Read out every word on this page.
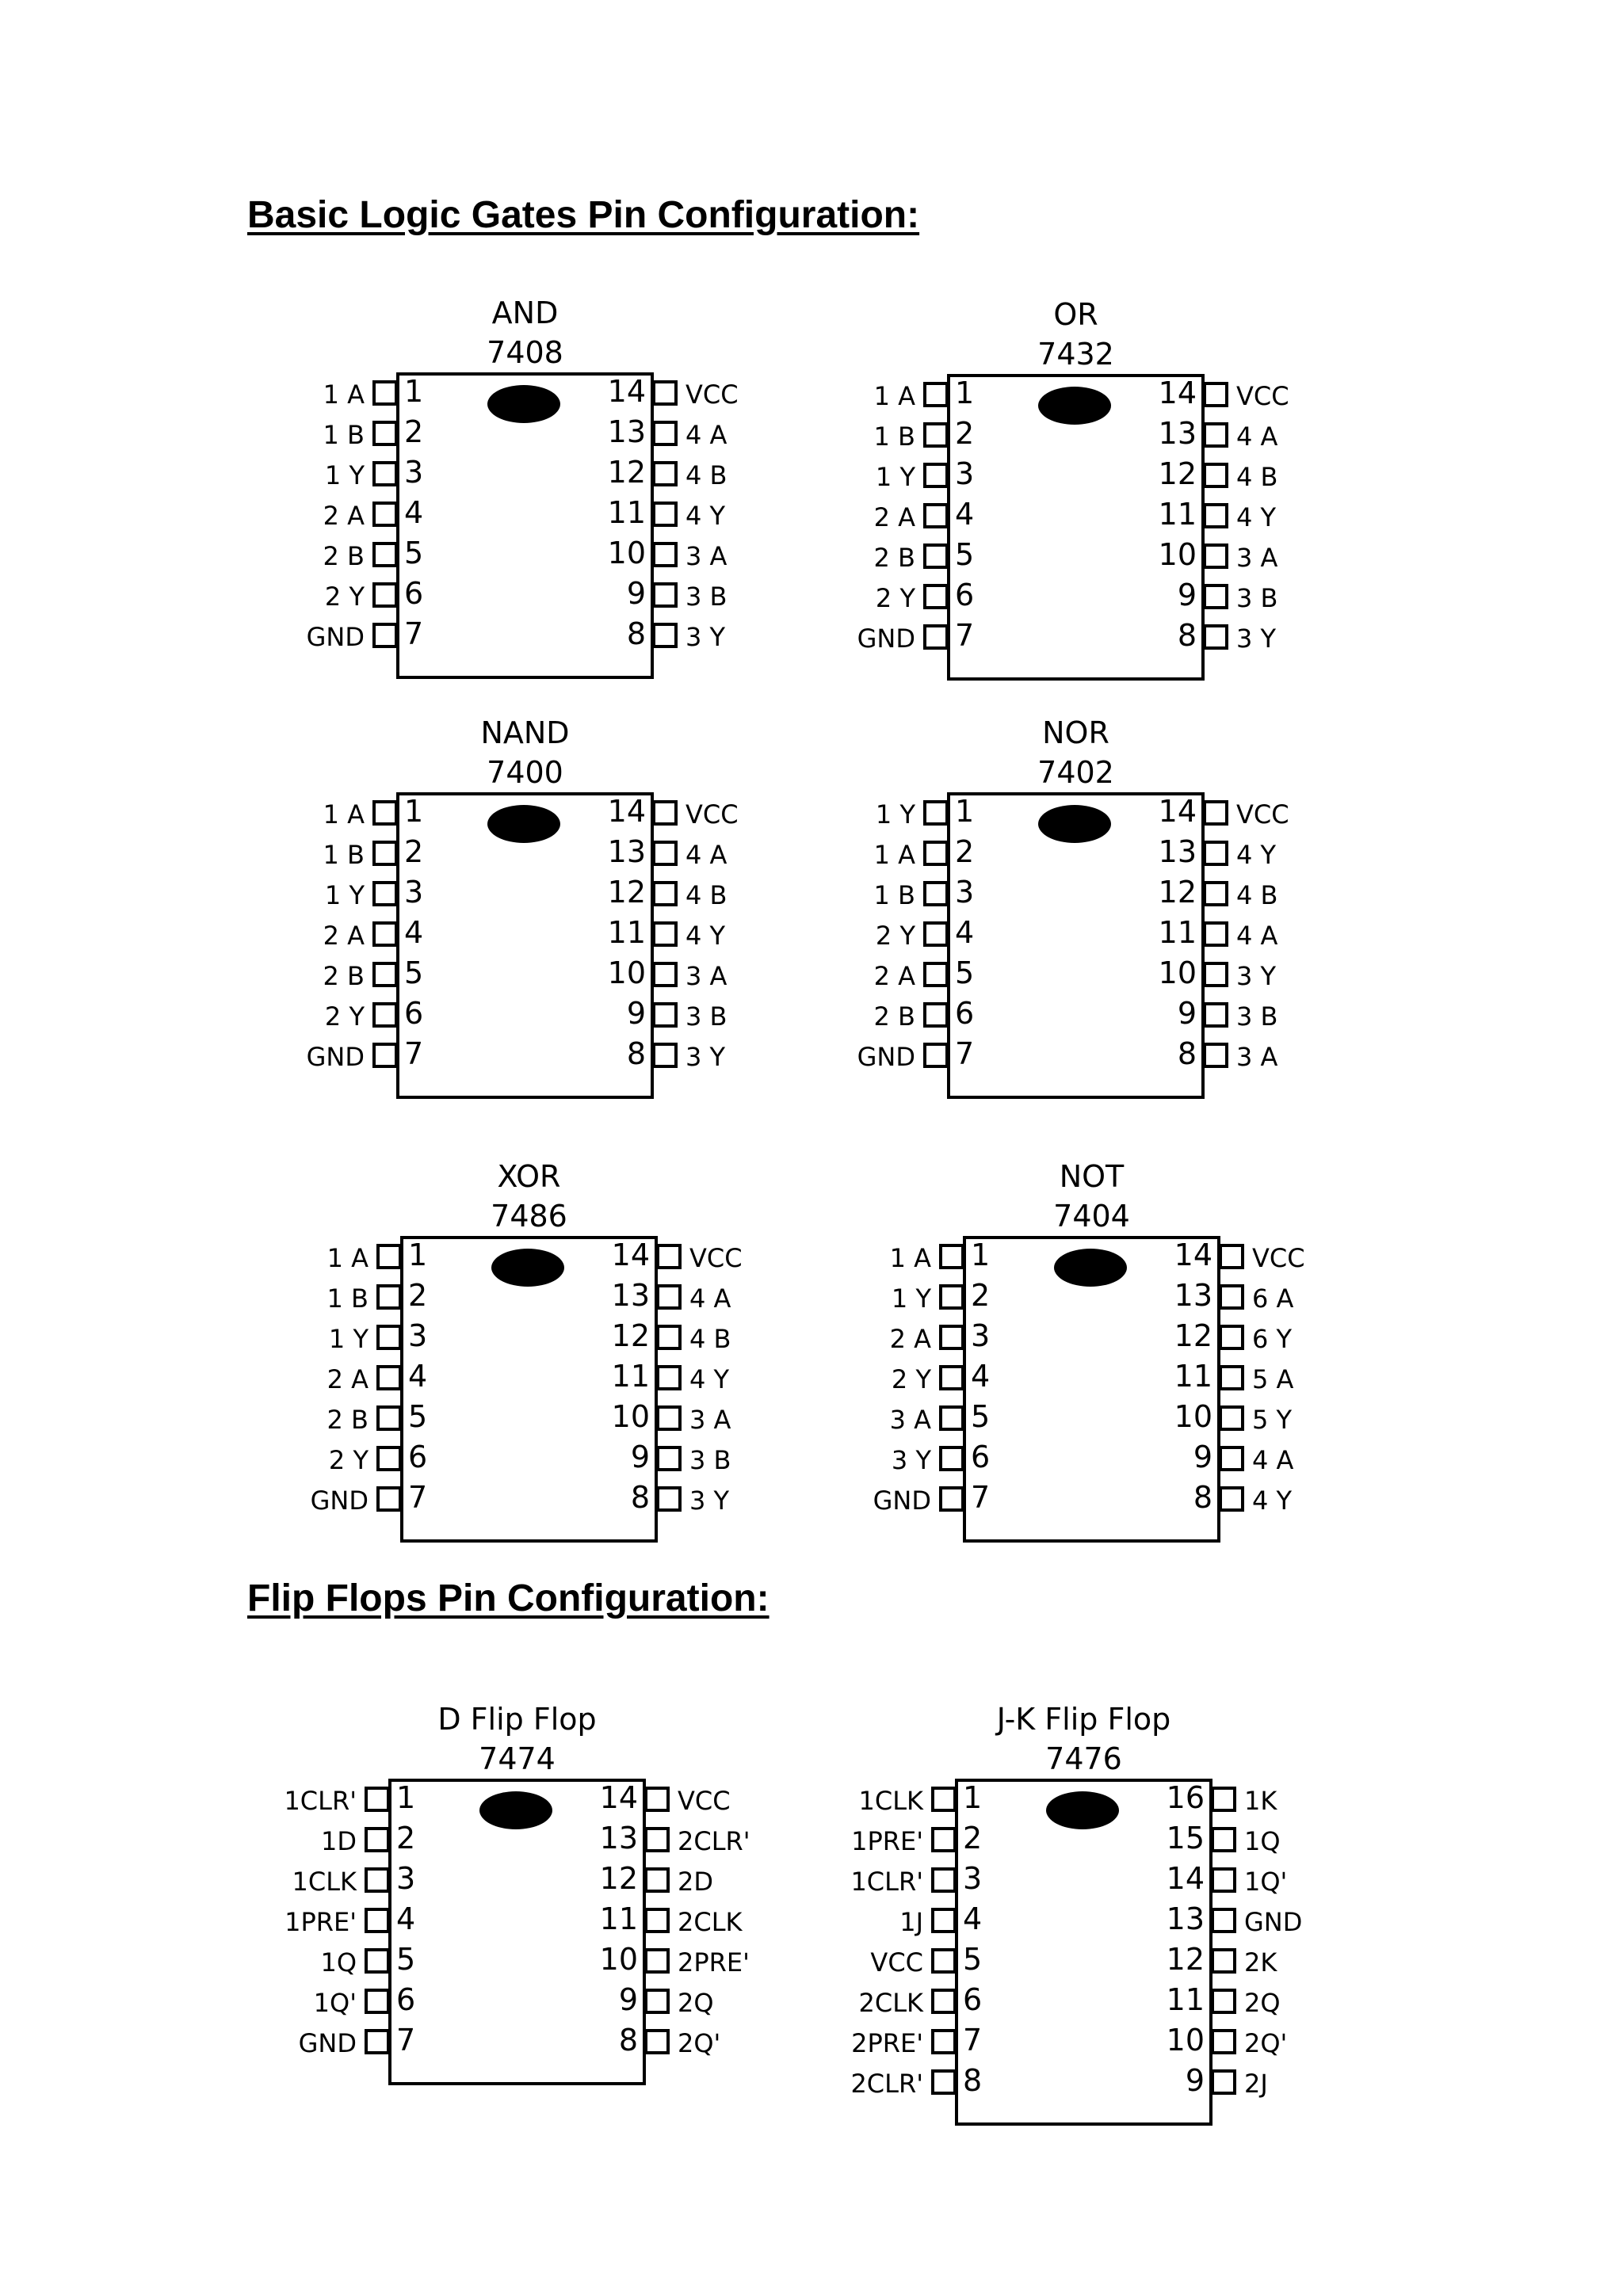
Basic Logic Gates Pin Configuration:
Flip Flops Pin Configuration:
AND
7408
1
1 A
2
1 B
3
1 Y
4
2 A
5
2 B
6
2 Y
7
GND
14 VCC
13 4 A
12 4 B
11 4 Y
10 3 A
9 3 B
8 3 Y
OR
7432
1
1 A
2
1 B
3
1 Y
4
2 A
5
2 B
6
2 Y
7
GND
14 VCC
13 4 A
12 4 B
11 4 Y
10 3 A
9 3 B
8 3 Y
NAND
7400
1
1 A
2
1 B
3
1 Y
4
2 A
5
2 B
6
2 Y
7
GND
14 VCC
13 4 A
12 4 B
11 4 Y
10 3 A
9 3 B
8 3 Y
NOR
7402
1
1 Y
2
1 A
3
1 B
4
2 Y
5
2 A
6
2 B
7
GND
14 VCC
13 4 Y
12 4 B
11 4 A
10 3 Y
9 3 B
8 3 A
XOR
7486
1
1 A
2
1 B
3
1 Y
4
2 A
5
2 B
6
2 Y
7
GND
14 VCC
13 4 A
12 4 B
11 4 Y
10 3 A
9 3 B
8 3 Y
NOT
7404
1
1 A
2
1 Y
3
2 A
4
2 Y
5
3 A
6
3 Y
7
GND
14 VCC
13 6 A
12 6 Y
11 5 A
10 5 Y
9 4 A
8 4 Y
D Flip Flop
7474
1
1CLR'
2
1D
3
1CLK
4
1PRE'
5
1Q
6
1Q'
7
GND
14 VCC
13 2CLR'
12 2D
11 2CLK
10 2PRE'
9 2Q
8 2Q'
J-K Flip Flop
7476
1
1CLK
2
1PRE'
3
1CLR'
4
1J
5
VCC
6
2CLK
7
2PRE'
8
2CLR'
16 1K
15 1Q
14 1Q'
13 GND
12 2K
11 2Q
10 2Q'
9 2J
